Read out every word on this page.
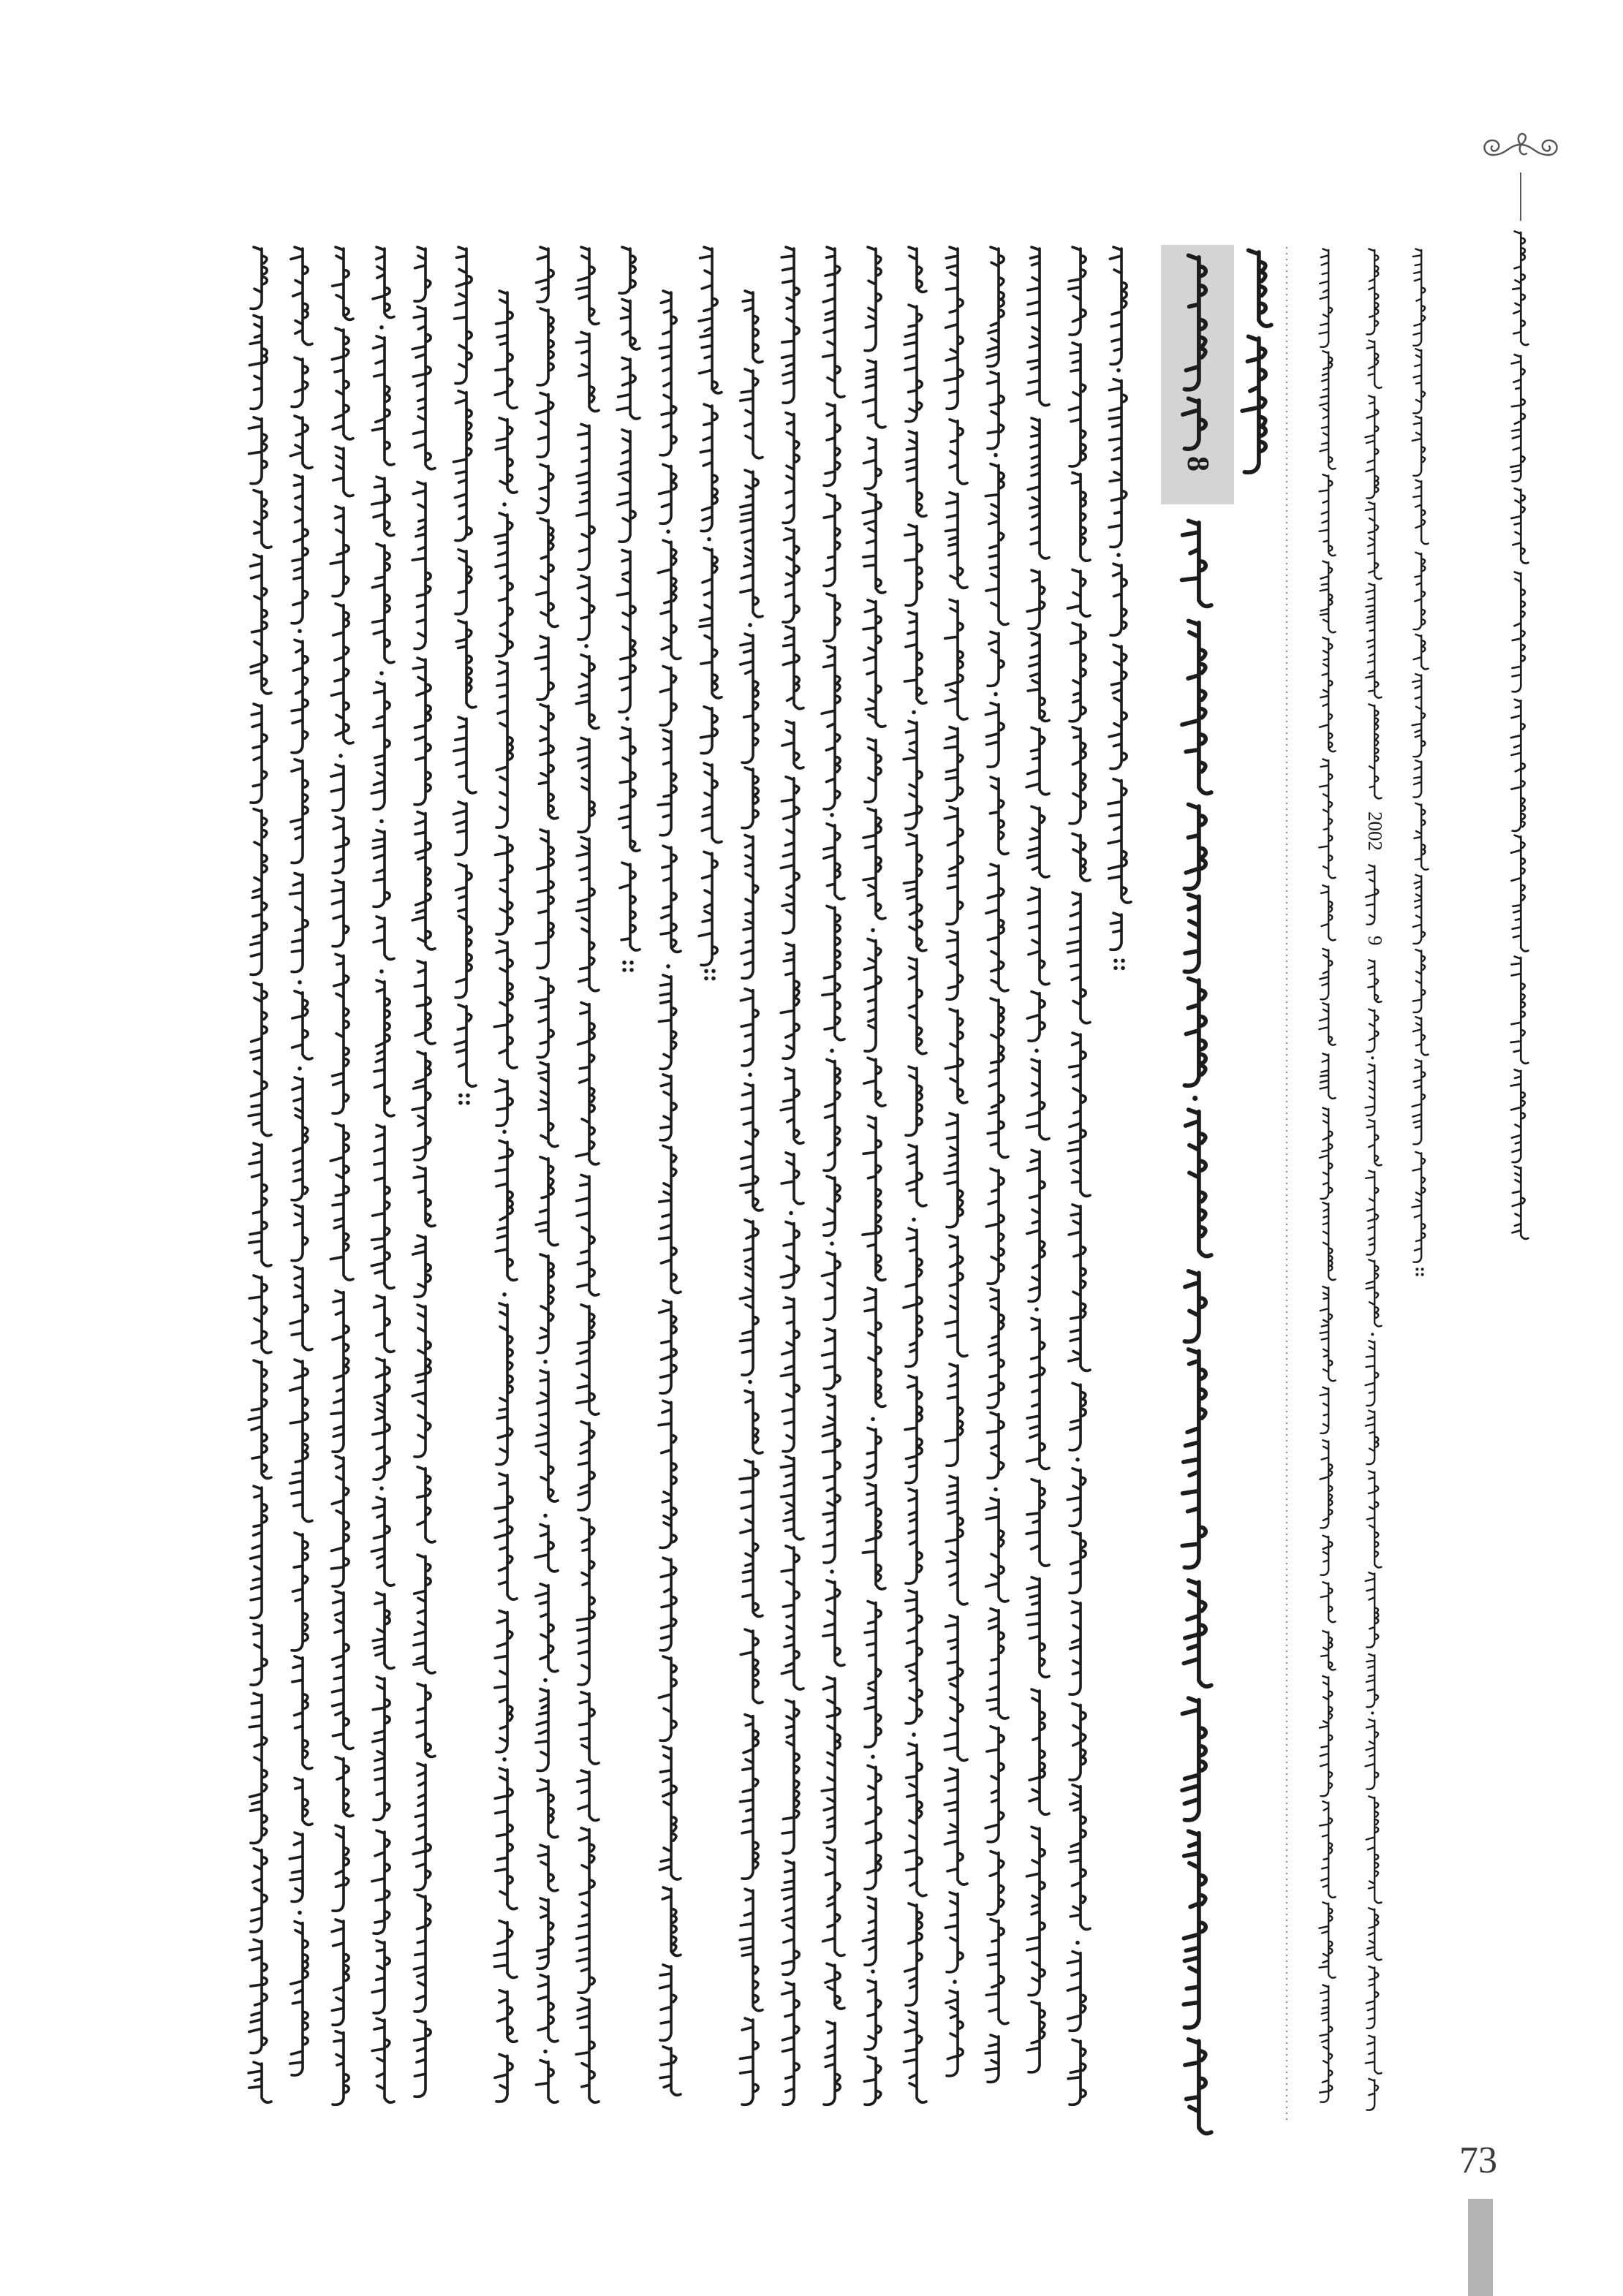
8
2002
9
73
